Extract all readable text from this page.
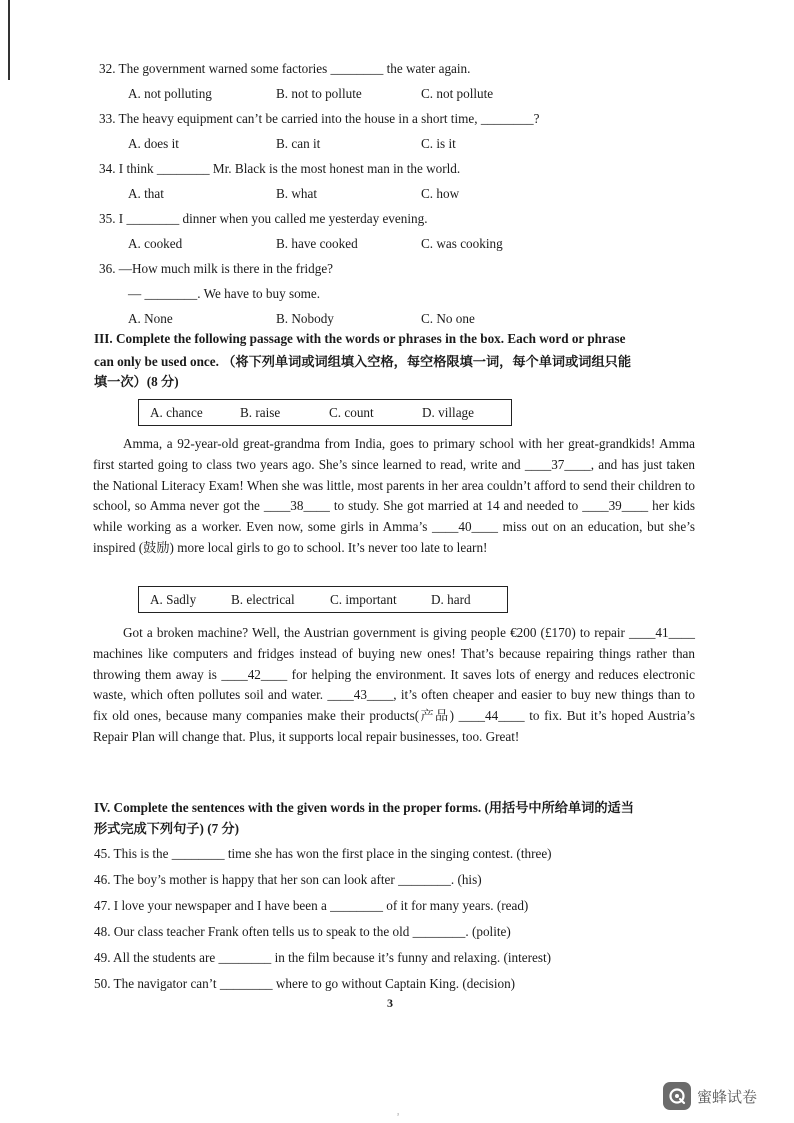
32. The government warned some factories ________ the water again.
A. not polluting	B. not to pollute	C. not pollute
33. The heavy equipment can’t be carried into the house in a short time, ________?
A. does it	B. can it	C. is it
34. I think ________ Mr. Black is the most honest man in the world.
A. that	B. what	C. how
35. I ________ dinner when you called me yesterday evening.
A. cooked	B. have cooked	C. was cooking
36. —How much milk is there in the fridge?
— ________. We have to buy some.
A. None	B. Nobody	C. No one
III. Complete the following passage with the words or phrases in the box. Each word or phrase
can only be used once. （将下列单词或词组填入空格，每空格限填一词，每个单词或词组只能
填一次）(8 分)
A. chance	B. raise	C. count	D. village

Amma, a 92-year-old great-grandma from India, goes to primary school with her great-grandkids! Amma first started going to class two years ago. She’s since learned to read, write and ____37____, and has just taken the National Literacy Exam! When she was little, most parents in her area couldn’t afford to send their children to school, so Amma never got the ____38____ to study. She got married at 14 and needed to ____39____ her kids while working as a worker. Even now, some girls in Amma’s ____40____ miss out on an education, but she’s inspired (鼓励) more local girls to go to school. It’s never too late to learn!

A. Sadly	B. electrical	C. important	D. hard

Got a broken machine? Well, the Austrian government is giving people €200 (£170) to repair ____41____ machines like computers and fridges instead of buying new ones! That’s because repairing things rather than throwing them away is ____42____ for helping the environment. It saves lots of energy and reduces electronic waste, which often pollutes soil and water. ____43____, it’s often cheaper and easier to buy new things than to fix old ones, because many companies make their products(产品) ____44____ to fix. But it’s hoped Austria’s Repair Plan will change that. Plus, it supports local repair businesses, too. Great!

IV. Complete the sentences with the given words in the proper forms. (用括号中所给单词的适当
形式完成下列句子) (7 分)
45. This is the ________ time she has won the first place in the singing contest. (three)
46. The boy’s mother is happy that her son can look after ________. (his)
47. I love your newspaper and I have been a ________ of it for many years. (read)
48. Our class teacher Frank often tells us to speak to the old ________. (polite)
49. All the students are ________ in the film because it’s funny and relaxing. (interest)
50. The navigator can’t ________ where to go without Captain King. (decision)
3
³
蜜蜂试卷
